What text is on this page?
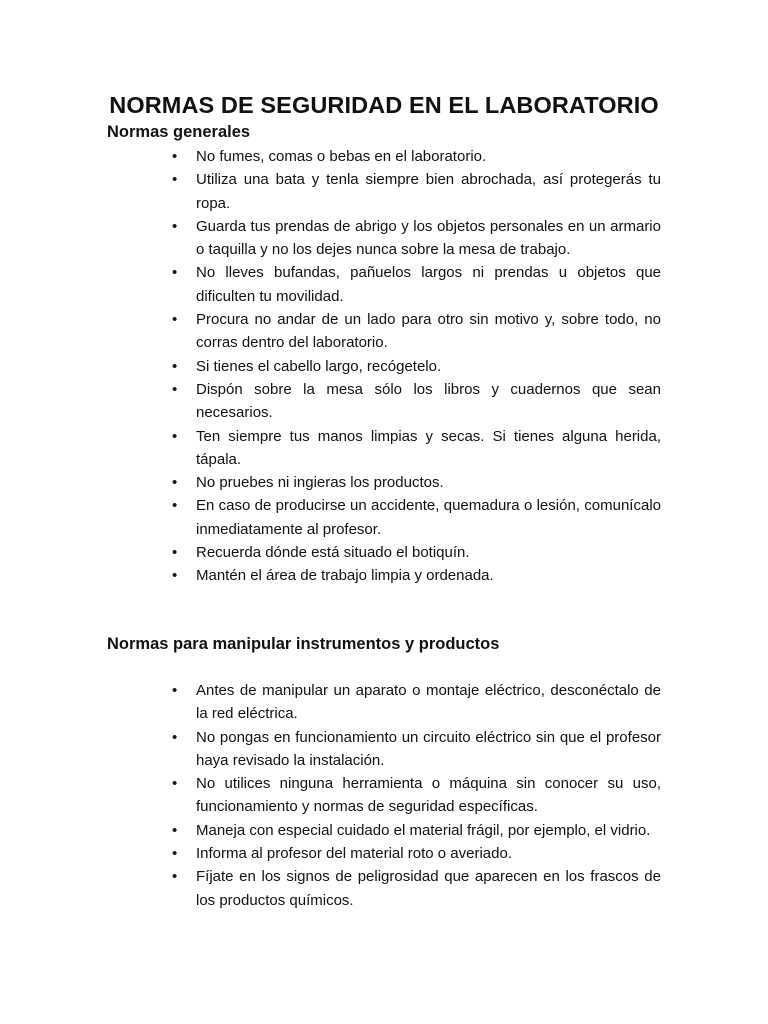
NORMAS DE SEGURIDAD EN EL LABORATORIO
Normas generales
• No fumes, comas o bebas en el laboratorio.
• Utiliza una bata y tenla siempre bien abrochada, así protegerás tu ropa.
• Guarda tus prendas de abrigo y los objetos personales en un armario o taquilla y no los dejes nunca sobre la mesa de trabajo.
• No lleves bufandas, pañuelos largos ni prendas u objetos que dificulten tu movilidad.
• Procura no andar de un lado para otro sin motivo y, sobre todo, no corras dentro del laboratorio.
• Si tienes el cabello largo, recógetelo.
• Dispón sobre la mesa sólo los libros y cuadernos que sean necesarios.
• Ten siempre tus manos limpias y secas. Si tienes alguna herida, tápala.
• No pruebes ni ingieras los productos.
• En caso de producirse un accidente, quemadura o lesión, comunícalo inmediatamente al profesor.
• Recuerda dónde está situado el botiquín.
• Mantén el área de trabajo limpia y ordenada.
Normas para manipular instrumentos y productos
• Antes de manipular un aparato o montaje eléctrico, desconéctalo de la red eléctrica.
• No pongas en funcionamiento un circuito eléctrico sin que el profesor haya revisado la instalación.
• No utilices ninguna herramienta o máquina sin conocer su uso, funcionamiento y normas de seguridad específicas.
• Maneja con especial cuidado el material frágil, por ejemplo, el vidrio.
• Informa al profesor del material roto o averiado.
• Fíjate en los signos de peligrosidad que aparecen en los frascos de los productos químicos.
